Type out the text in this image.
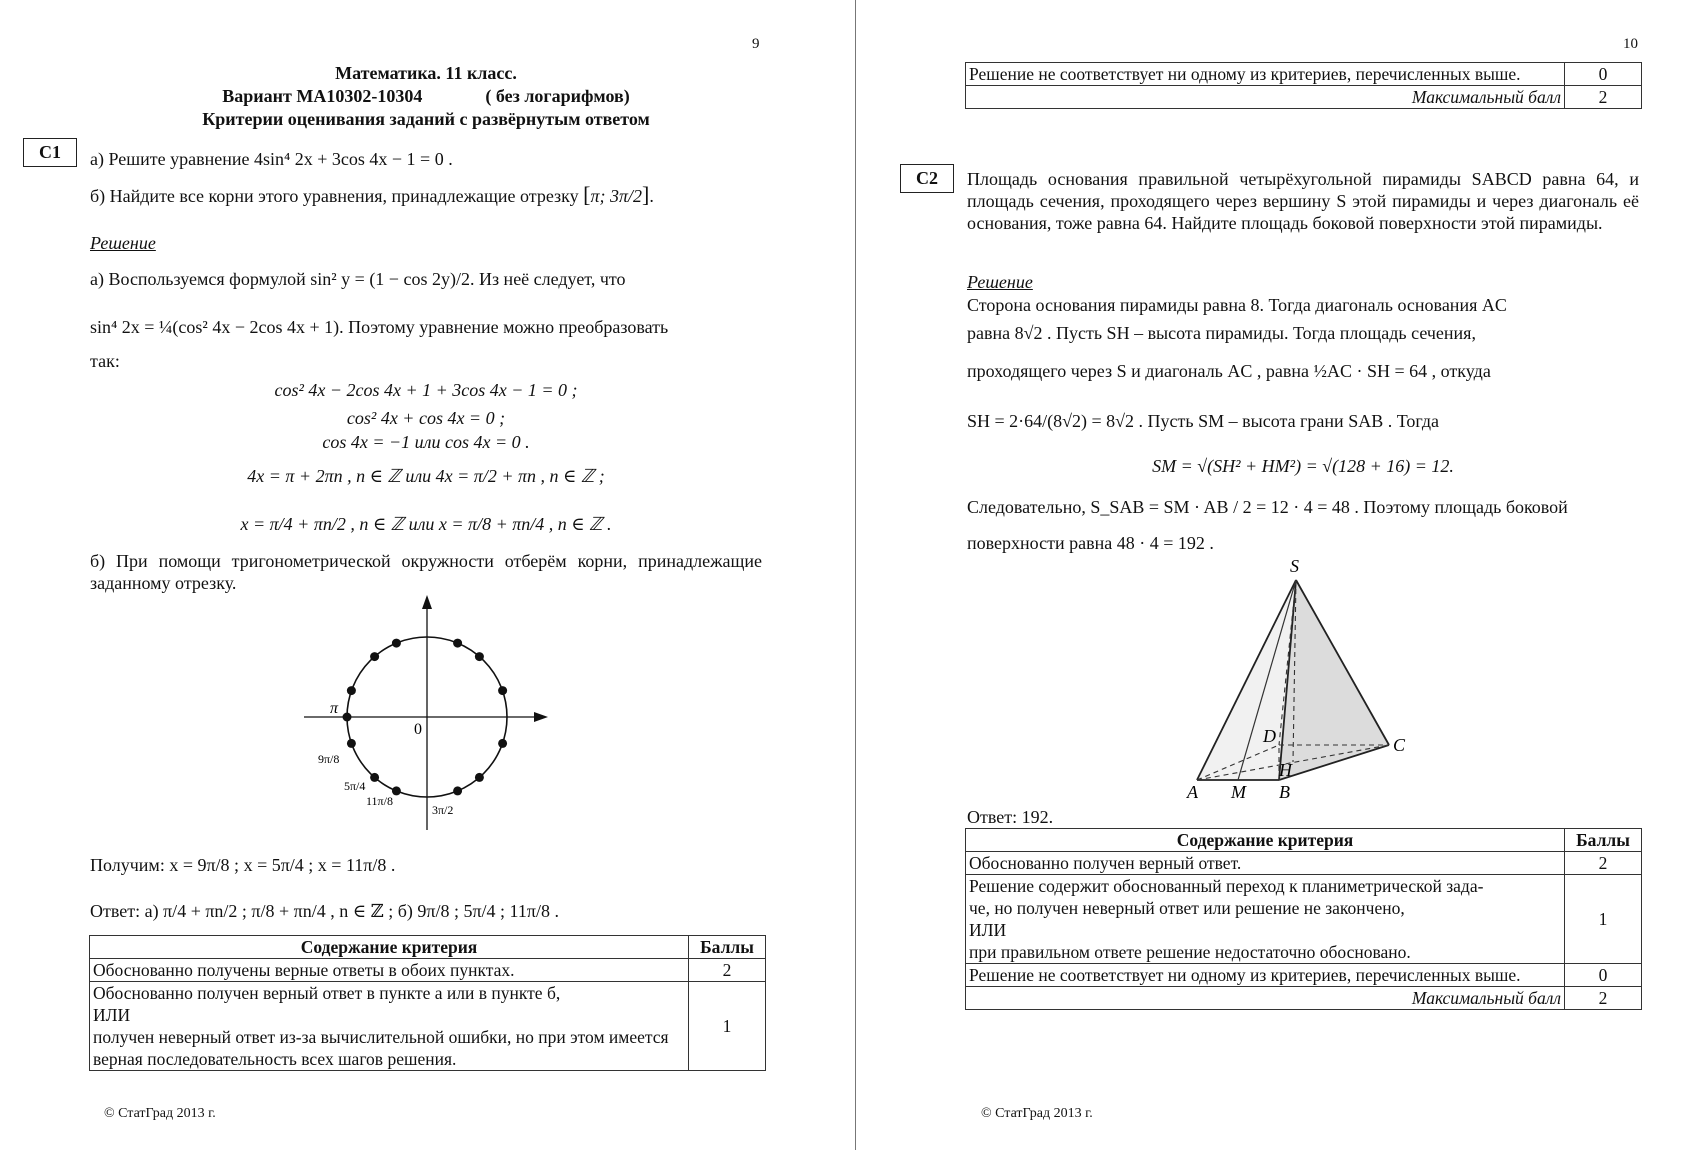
9
Математика. 11 класс.
Вариант МА10302-10304	( без логарифмов)
Критерии оценивания заданий с развёрнутым ответом
С1	а) Решите уравнение 4sin⁴ 2x + 3cos 4x − 1 = 0 .
б) Найдите все корни этого уравнения, принадлежащие отрезку [π; 3π/2].
Решение
а) Воспользуемся формулой sin² y = (1 − cos 2y)/2. Из неё следует, что
sin⁴ 2x = ¼(cos² 4x − 2cos 4x + 1). Поэтому уравнение можно преобразовать
так:
cos² 4x − 2cos 4x + 1 + 3cos 4x − 1 = 0 ;
cos² 4x + cos 4x = 0 ;
cos 4x = −1 или cos 4x = 0 .
4x = π + 2πn , n ∈ ℤ или 4x = π/2 + πn , n ∈ ℤ ;
x = π/4 + πn/2 , n ∈ ℤ или x = π/8 + πn/4 , n ∈ ℤ .
б) При помощи тригонометрической окружности отберём корни, принадлежащие заданному отрезку.
π
0
9π/8
5π/4
11π/8
3π/2
Получим: x = 9π/8 ; x = 5π/4 ; x = 11π/8 .
Ответ: а) π/4 + πn/2 ; π/8 + πn/4 , n ∈ ℤ ; б) 9π/8 ; 5π/4 ; 11π/8 .
Содержание критерия	Баллы
Обоснованно получены верные ответы в обоих пунктах.	2

Обоснованно получен верный ответ в пункте а или в пункте б,
ИЛИ
получен неверный ответ из-за вычислительной ошибки, но при этом имеется верная последовательность всех шагов решения.	1
© СтатГрад 2013 г.
10
Решение не соответствует ни одному из критериев, перечисленных выше.	0
Максимальный балл	2
С2	Площадь основания правильной четырёхугольной пирамиды SABCD равна 64, и площадь сечения, проходящего через вершину S этой пирамиды и через диагональ её основания, тоже равна 64. Найдите площадь боковой поверхности этой пирамиды.
Решение
Сторона основания пирамиды равна 8. Тогда диагональ основания AC
равна 8√2 . Пусть SH – высота пирамиды. Тогда площадь сечения,
проходящего через S и диагональ AC , равна ½AC · SH = 64 , откуда
SH = 2·64/(8√2) = 8√2 . Пусть SM – высота грани SAB . Тогда
SM = √(SH² + HM²) = √(128 + 16) = 12.
Следовательно, S_SAB = SM · AB / 2 = 12 · 4 = 48 . Поэтому площадь боковой
поверхности равна 48 · 4 = 192 .
S
A	B
C
D
H
M
Ответ: 192.
Содержание критерия	Баллы
Обоснованно получен верный ответ.	2

Решение содержит обоснованный переход к планиметрической зада-
че, но получен неверный ответ или решение не закончено,
ИЛИ
при правильном ответе решение недостаточно обосновано.	1
Решение не соответствует ни одному из критериев, перечисленных выше.	0
Максимальный балл	2
© СтатГрад 2013 г.
